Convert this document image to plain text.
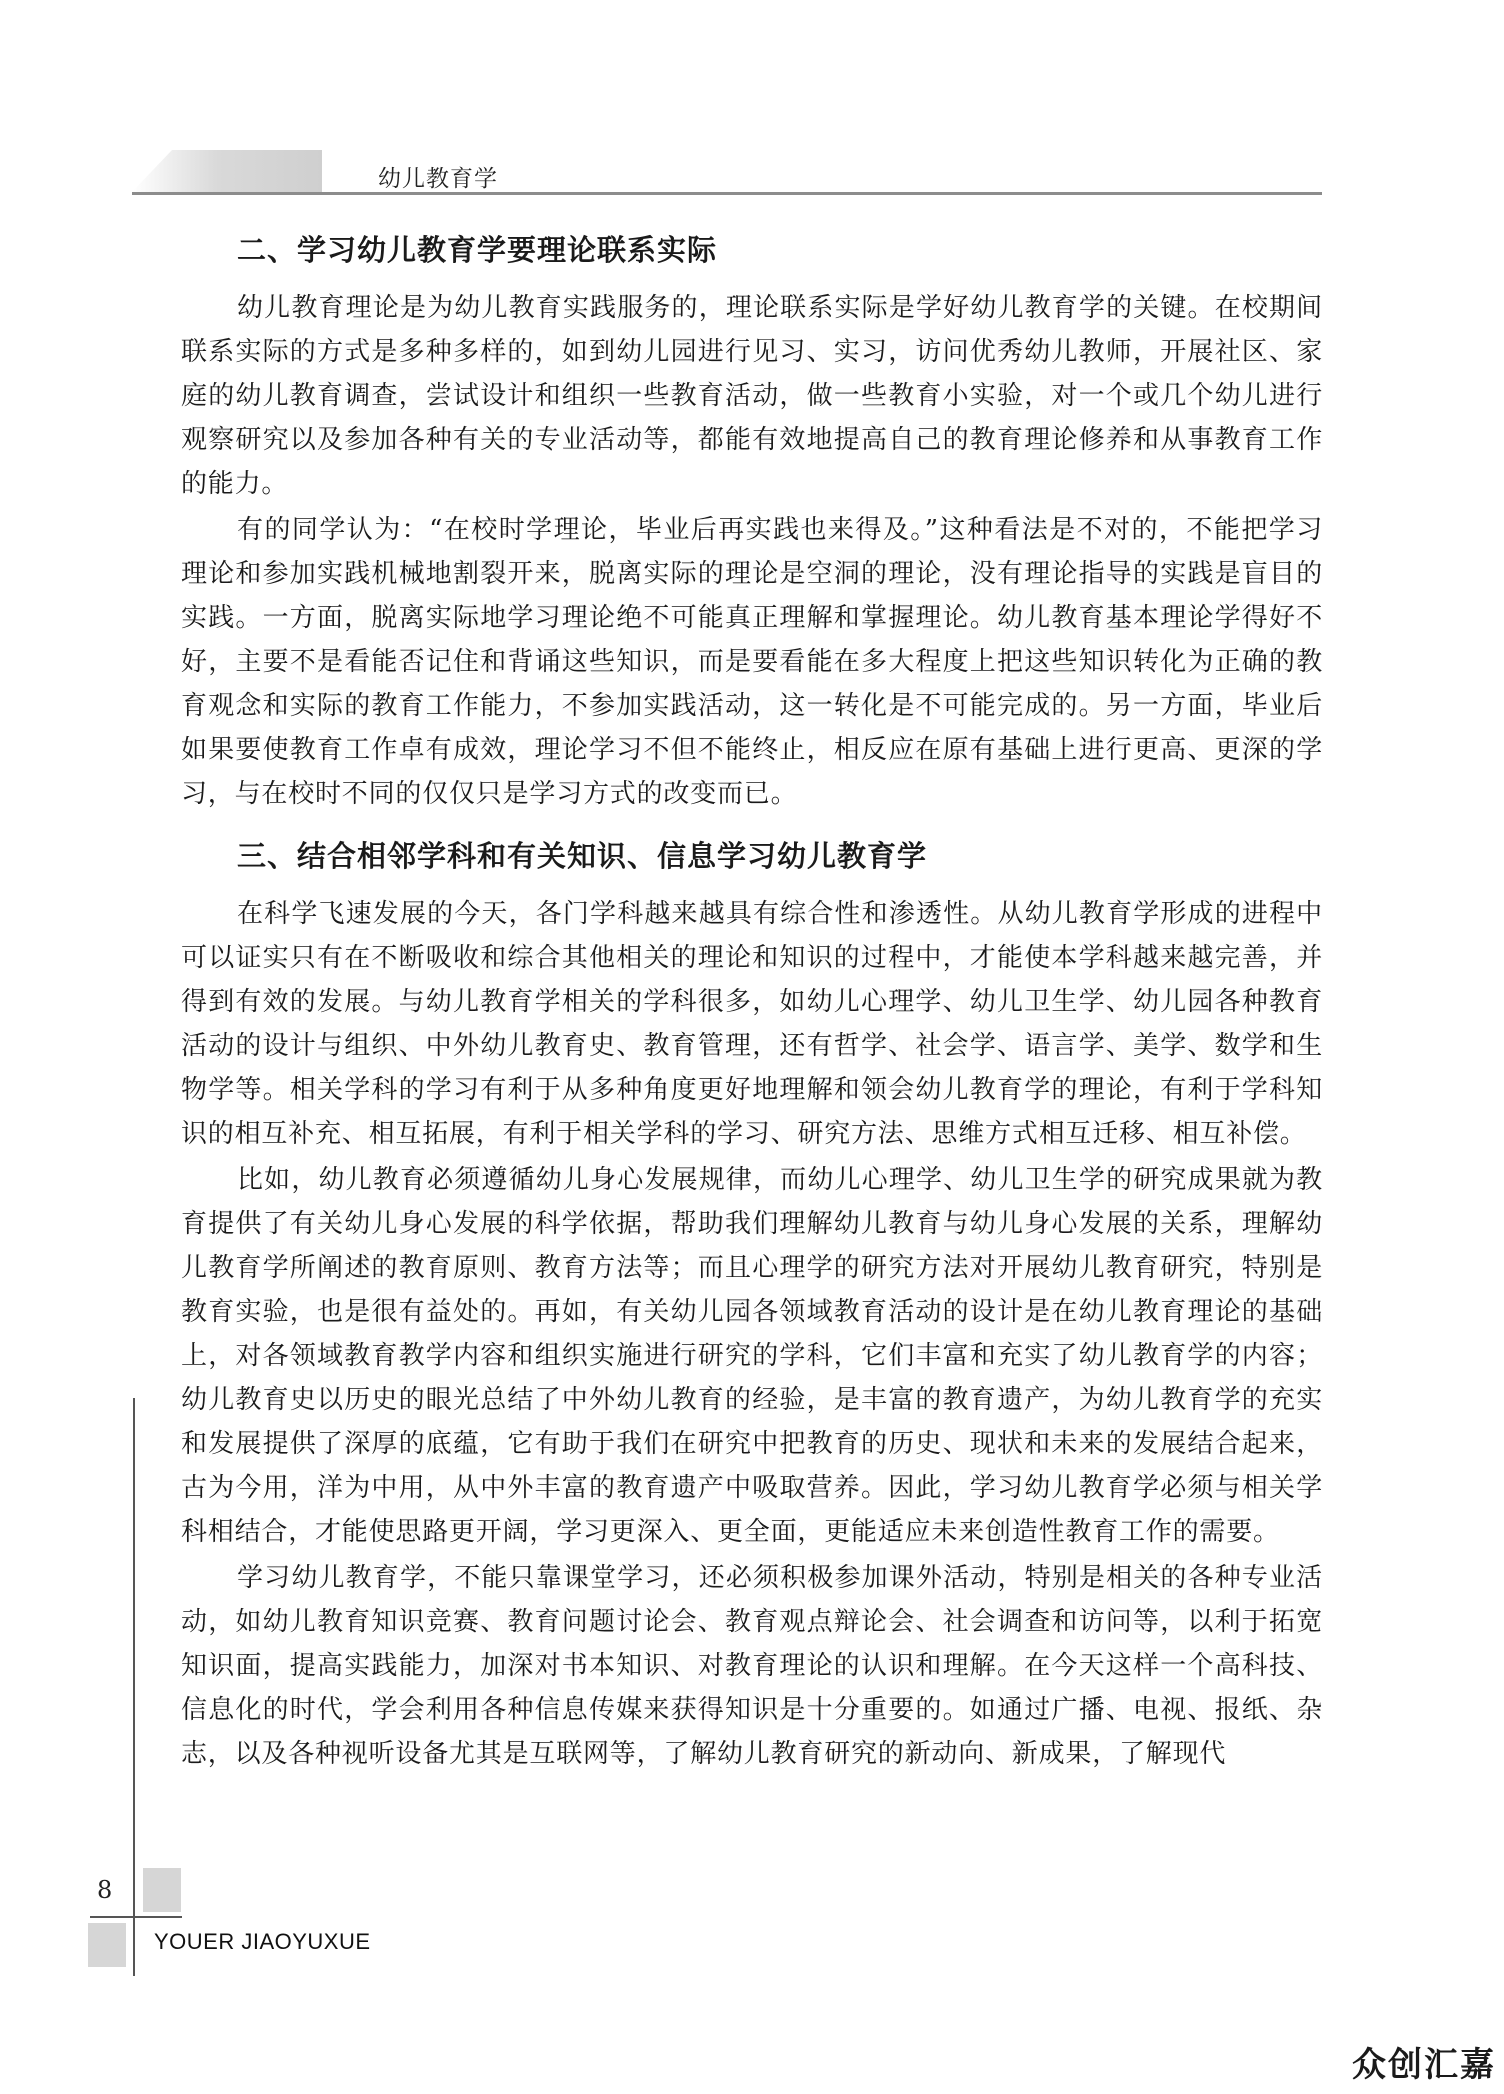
幼儿教育学
二、学习幼儿教育学要理论联系实际

幼儿教育理论是为幼儿教育实践服务的，理论联系实际是学好幼儿教育学的关键。在校期间联系实际的方式是多种多样的，如到幼儿园进行见习、实习，访问优秀幼儿教师，开展社区、家庭的幼儿教育调查，尝试设计和组织一些教育活动，做一些教育小实验，对一个或几个幼儿进行观察研究以及参加各种有关的专业活动等，都能有效地提高自己的教育理论修养和从事教育工作的能力。

有的同学认为：“在校时学理论，毕业后再实践也来得及。”这种看法是不对的，不能把学习理论和参加实践机械地割裂开来，脱离实际的理论是空洞的理论，没有理论指导的实践是盲目的实践。一方面，脱离实际地学习理论绝不可能真正理解和掌握理论。幼儿教育基本理论学得好不好，主要不是看能否记住和背诵这些知识，而是要看能在多大程度上把这些知识转化为正确的教育观念和实际的教育工作能力，不参加实践活动，这一转化是不可能完成的。另一方面，毕业后如果要使教育工作卓有成效，理论学习不但不能终止，相反应在原有基础上进行更高、更深的学习，与在校时不同的仅仅只是学习方式的改变而已。

三、结合相邻学科和有关知识、信息学习幼儿教育学

在科学飞速发展的今天，各门学科越来越具有综合性和渗透性。从幼儿教育学形成的进程中可以证实只有在不断吸收和综合其他相关的理论和知识的过程中，才能使本学科越来越完善，并得到有效的发展。与幼儿教育学相关的学科很多，如幼儿心理学、幼儿卫生学、幼儿园各种教育活动的设计与组织、中外幼儿教育史、教育管理，还有哲学、社会学、语言学、美学、数学和生物学等。相关学科的学习有利于从多种角度更好地理解和领会幼儿教育学的理论，有利于学科知识的相互补充、相互拓展，有利于相关学科的学习、研究方法、思维方式相互迁移、相互补偿。

比如，幼儿教育必须遵循幼儿身心发展规律，而幼儿心理学、幼儿卫生学的研究成果就为教育提供了有关幼儿身心发展的科学依据，帮助我们理解幼儿教育与幼儿身心发展的关系，理解幼儿教育学所阐述的教育原则、教育方法等；而且心理学的研究方法对开展幼儿教育研究，特别是教育实验，也是很有益处的。再如，有关幼儿园各领域教育活动的设计是在幼儿教育理论的基础上，对各领域教育教学内容和组织实施进行研究的学科，它们丰富和充实了幼儿教育学的内容；幼儿教育史以历史的眼光总结了中外幼儿教育的经验，是丰富的教育遗产，为幼儿教育学的充实和发展提供了深厚的底蕴，它有助于我们在研究中把教育的历史、现状和未来的发展结合起来，古为今用，洋为中用，从中外丰富的教育遗产中吸取营养。因此，学习幼儿教育学必须与相关学科相结合，才能使思路更开阔，学习更深入、更全面，更能适应未来创造性教育工作的需要。

学习幼儿教育学，不能只靠课堂学习，还必须积极参加课外活动，特别是相关的各种专业活动，如幼儿教育知识竞赛、教育问题讨论会、教育观点辩论会、社会调查和访问等，以利于拓宽知识面，提高实践能力，加深对书本知识、对教育理论的认识和理解。在今天这样一个高科技、信息化的时代，学会利用各种信息传媒来获得知识是十分重要的。如通过广播、电视、报纸、杂志，以及各种视听设备尤其是互联网等，了解幼儿教育研究的新动向、新成果，了解现代

8
YOUER JIAOYUXUE
众创汇嘉
